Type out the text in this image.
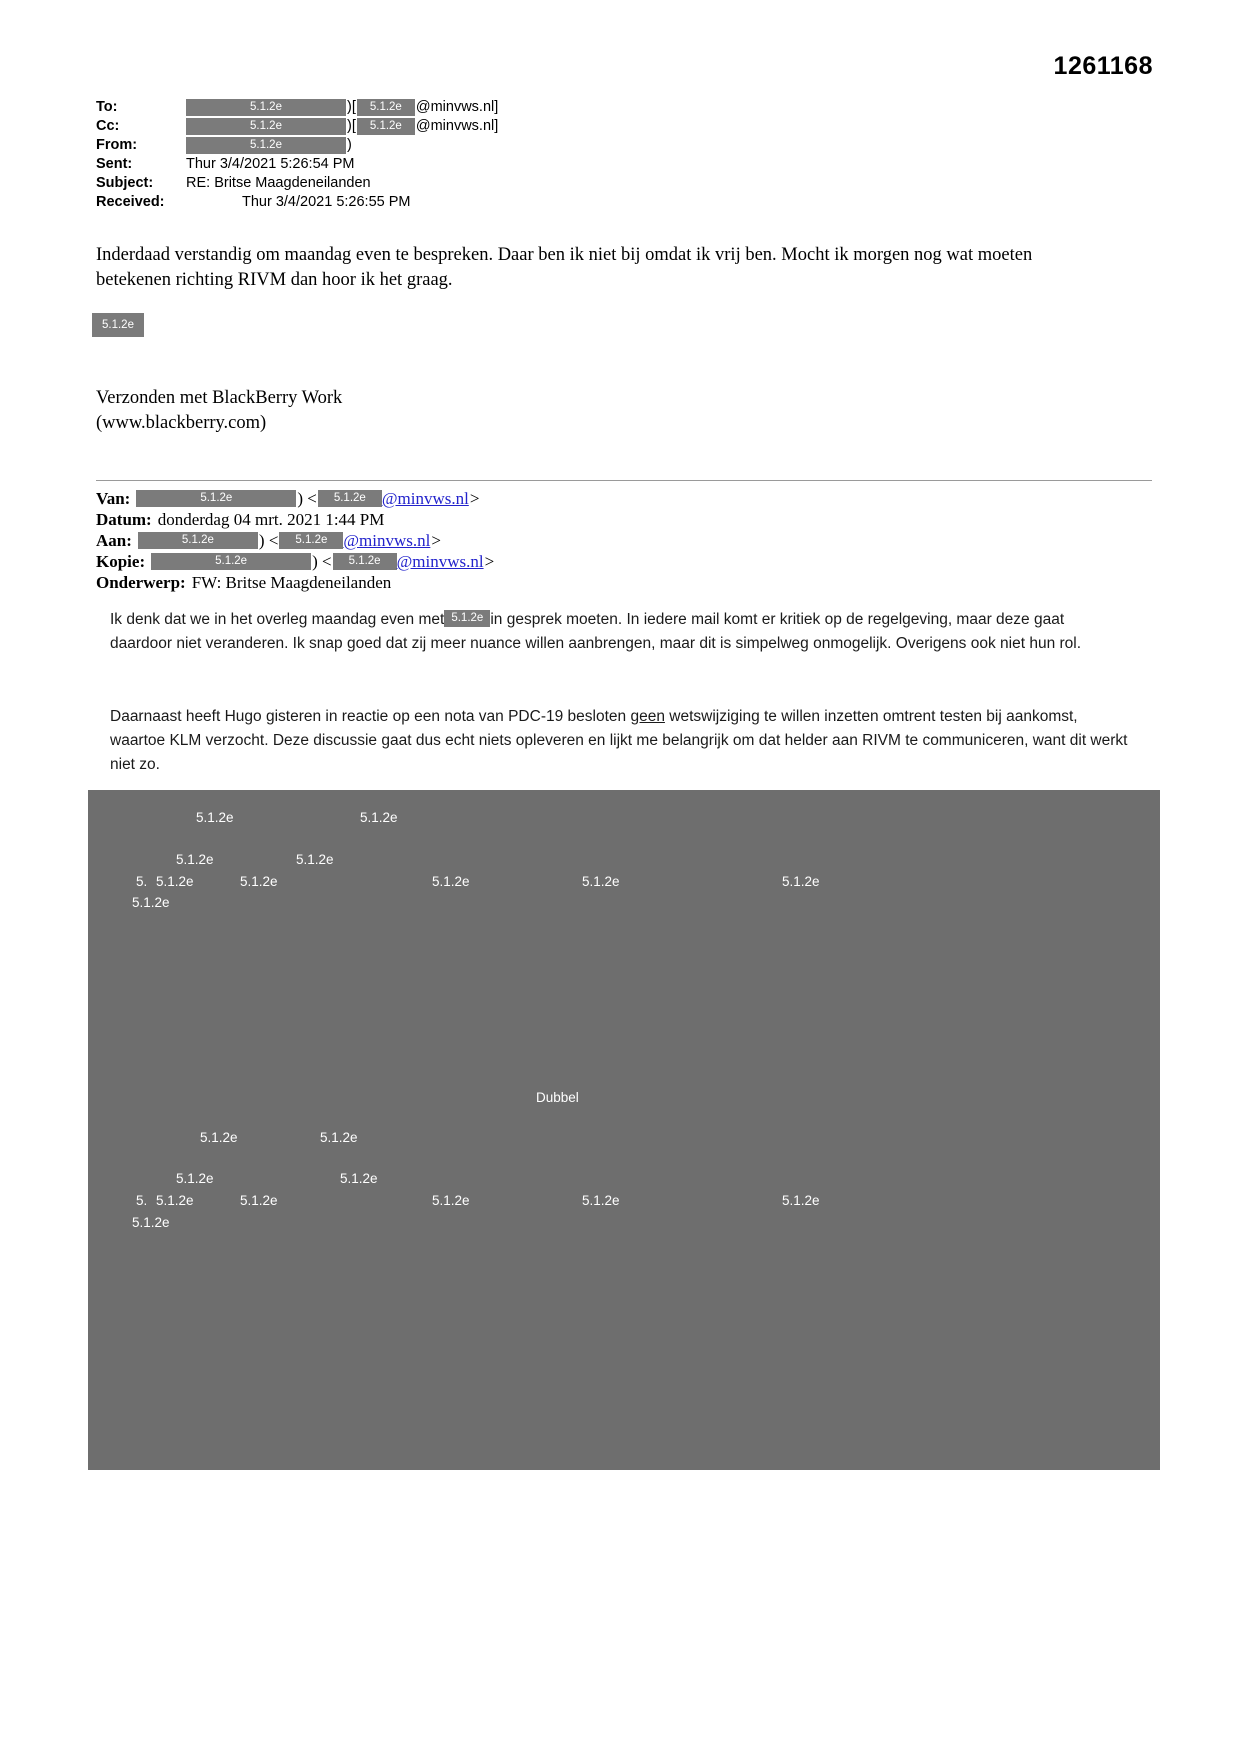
1261168
To:	5.1.2e	)[	5.1.2e @minvws.nl]
Cc:	5.1.2e	)[	5.1.2e @minvws.nl]
From:	5.1.2e	)
Sent:	Thur 3/4/2021 5:26:54 PM
Subject:	RE: Britse Maagdeneilanden
Received:	Thur 3/4/2021 5:26:55 PM
Inderdaad verstandig om maandag even te bespreken. Daar ben ik niet bij omdat ik vrij ben. Mocht ik morgen nog wat moeten betekenen richting RIVM dan hoor ik het graag.
5.1.2e
Verzonden met BlackBerry Work
(www.blackberry.com)
Van:	5.1.2e	) <	5.1.2e @minvws.nl >
Datum: donderdag 04 mrt. 2021 1:44 PM
Aan:	5.1.2e	) <	5.1.2e @minvws.nl >
Kopie:	5.1.2e	) <	5.1.2e @minvws.nl >
Onderwerp: FW: Britse Maagdeneilanden
Ik denk dat we in het overleg maandag even met 5.1.2e in gesprek moeten. In iedere mail komt er kritiek op de regelgeving, maar deze gaat daardoor niet veranderen. Ik snap goed dat zij meer nuance willen aanbrengen, maar dit is simpelweg onmogelijk. Overigens ook niet hun rol.
Daarnaast heeft Hugo gisteren in reactie op een nota van PDC-19 besloten geen wetswijziging te willen inzetten omtrent testen bij aankomst, waartoe KLM verzocht. Deze discussie gaat dus echt niets opleveren en lijkt me belangrijk om dat helder aan RIVM te communiceren, want dit werkt niet zo.
5.1.2e	5.1.2e
5.1.2e	5.1.2e
5. 5.1.2e	5.1.2e	5.1.2e	5.1.2e	5.1.2e
5.1.2e
Dubbel
5.1.2e	5.1.2e
5.1.2e	5.1.2e
5. 5.1.2e	5.1.2e	5.1.2e	5.1.2e	5.1.2e
5.1.2e
